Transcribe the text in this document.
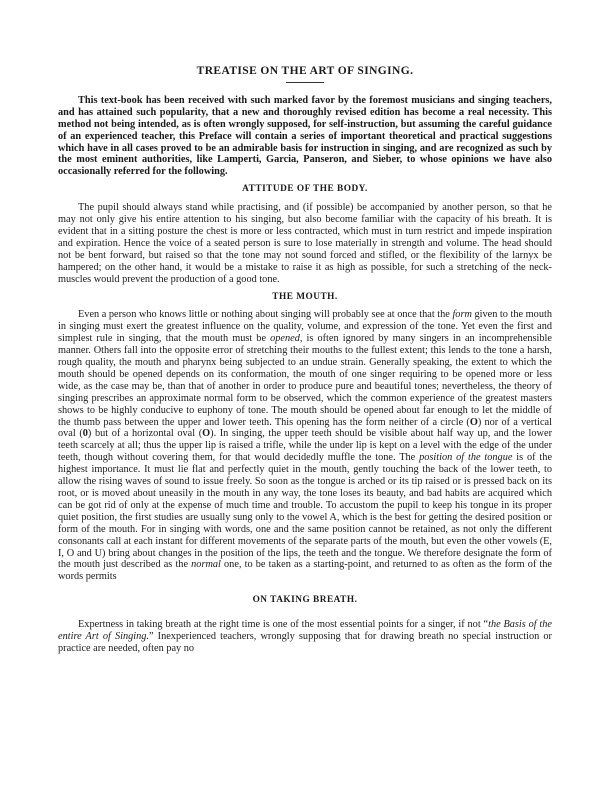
TREATISE ON THE ART OF SINGING.

This text-book has been received with such marked favor by the foremost musicians and singing teachers, and has attained such popularity, that a new and thoroughly revised edition has become a real necessity. This method not being intended, as is often wrongly supposed, for self-instruction, but assuming the careful guidance of an experienced teacher, this Preface will contain a series of important theoretical and practical suggestions which have in all cases proved to be an admirable basis for instruction in singing, and are recognized as such by the most eminent authorities, like Lamperti, Garcia, Panseron, and Sieber, to whose opinions we have also occasionally referred for the following.

ATTITUDE OF THE BODY.

The pupil should always stand while practising, and (if possible) be accompanied by another person, so that he may not only give his entire attention to his singing, but also become familiar with the capacity of his breath. It is evident that in a sitting posture the chest is more or less contracted, which must in turn restrict and impede inspiration and expiration. Hence the voice of a seated person is sure to lose materially in strength and volume. The head should not be bent forward, but raised so that the tone may not sound forced and stifled, or the flexibility of the larnyx be hampered; on the other hand, it would be a mistake to raise it as high as possible, for such a stretching of the neck-muscles would prevent the production of a good tone.

THE MOUTH.

Even a person who knows little or nothing about singing will probably see at once that the form given to the mouth in singing must exert the greatest influence on the quality, volume, and expression of the tone. Yet even the first and simplest rule in singing, that the mouth must be opened, is often ignored by many singers in an incomprehensible manner. Others fall into the opposite error of stretching their mouths to the fullest extent; this lends to the tone a harsh, rough quality, the mouth and pharynx being subjected to an undue strain. Generally speaking, the extent to which the mouth should be opened depends on its conformation, the mouth of one singer requiring to be opened more or less wide, as the case may be, than that of another in order to produce pure and beautiful tones; nevertheless, the theory of singing prescribes an approximate normal form to be observed, which the common experience of the greatest masters shows to be highly conducive to euphony of tone. The mouth should be opened about far enough to let the middle of the thumb pass between the upper and lower teeth. This opening has the form neither of a circle (O) nor of a vertical oval (0) but of a horizontal oval (O). In singing, the upper teeth should be visible about half way up, and the lower teeth scarcely at all; thus the upper lip is raised a trifle, while the under lip is kept on a level with the edge of the under teeth, though without covering them, for that would decidedly muffle the tone. The position of the tongue is of the highest importance. It must lie flat and perfectly quiet in the mouth, gently touching the back of the lower teeth, to allow the rising waves of sound to issue freely. So soon as the tongue is arched or its tip raised or is pressed back on its root, or is moved about uneasily in the mouth in any way, the tone loses its beauty, and bad habits are acquired which can be got rid of only at the expense of much time and trouble. To accustom the pupil to keep his tongue in its proper quiet position, the first studies are usually sung only to the vowel A, which is the best for getting the desired position or form of the mouth. For in singing with words, one and the same position cannot be retained, as not only the different consonants call at each instant for different movements of the separate parts of the mouth, but even the other vowels (E, I, O and U) bring about changes in the position of the lips, the teeth and the tongue. We therefore designate the form of the mouth just described as the normal one, to be taken as a starting-point, and returned to as often as the form of the words permits

ON TAKING BREATH.

Expertness in taking breath at the right time is one of the most essential points for a singer, if not “the Basis of the entire Art of Singing.” Inexperienced teachers, wrongly supposing that for drawing breath no special instruction or practice are needed, often pay no
